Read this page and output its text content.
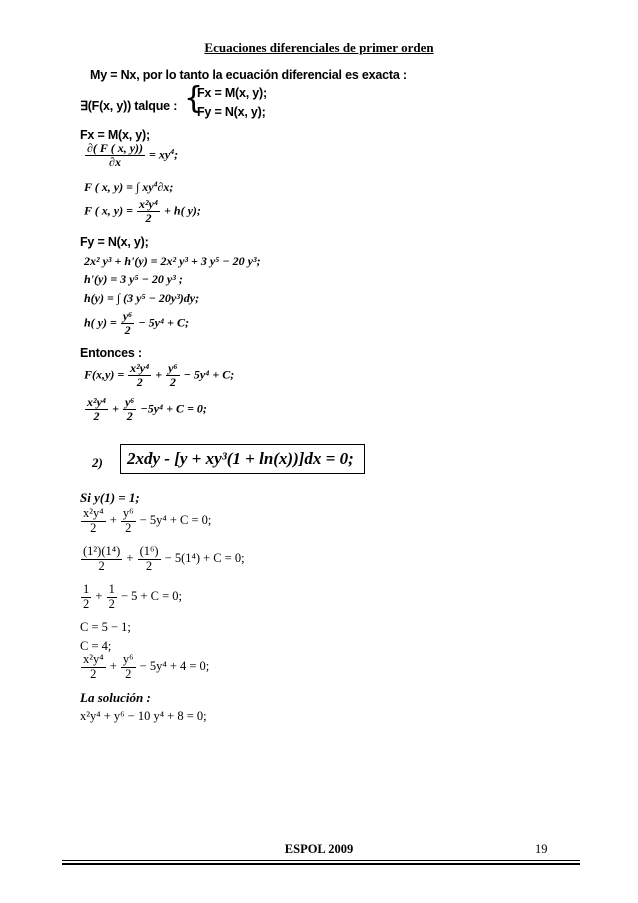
Ecuaciones diferenciales de primer orden
My = Nx, por lo tanto la ecuación diferencial es exacta :
∃(F(x, y)) talque : {
Fx = M(x, y);
Fy = N(x, y);
Fx = M(x, y);
$\frac{\partial( F ( x, y))}{\partial x} = xy^4$;
F ( x, y) = ∫ $xy^4\partial x$;
F ( x, $y) = \frac{\text{x²y⁴}}{2} + h$( y);
Fy = N(x, y);
2x² y³ + h'(y) = 2x² y³ + 3 y⁵ − 20 y³;
h'(y) = 3 y⁵ − 20 y³ ;
h(y) = ∫ (3 y⁵ − 20y³)dy;
h( $y) = \frac{\text{y⁶}}{2} - 5y^4 + C$;
Entonces :
$F(x,y) = \frac{\text{x²y⁴}}{2} + \frac{\text{y⁶}}{2} - 5y^4 + C$;
$\frac{\text{x²y⁴}}{2} + \frac{\text{y⁶}}{2} -5y^4 + C = 0$;
2)	2xdy - [y + xy³(1 + ln(x))]dx = 0;
Si y(1) = 1;
$\frac{\text{x²y⁴}}{2} + \frac{\text{y⁶}}{2} - 5y^4 + C = 0$;
$\frac{\text{(1²)(1⁴)}}{2} + \frac{\text{(1⁶)}}{2} - 5(1^4) + C = 0$;
$\frac{1}{2} + \frac{1}{2} - 5 + C = 0$;
C = 5 − 1;
C = 4;
$\frac{\text{x²y⁴}}{2} + \frac{\text{y⁶}}{2} - 5y^4 + 4 = 0$;
La solución :
x²y⁴ + y⁶ − 10 y⁴ + 8 = 0;
ESPOL 2009	19
